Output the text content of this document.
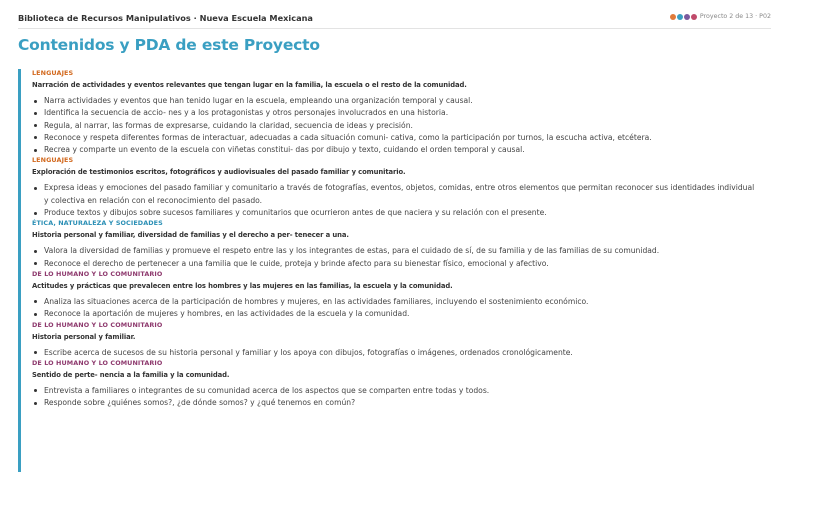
Biblioteca de Recursos Manipulativos · Nueva Escuela Mexicana	Proyecto 2 de 13 · P02
Contenidos y PDA de este Proyecto
LENGUAJES
Narración de actividades y eventos relevantes que tengan lugar en la familia, la escuela o el resto de la comunidad.
Narra actividades y eventos que han tenido lugar en la escuela, empleando una organización temporal y causal.
Identifica la secuencia de accio- nes y a los protagonistas y otros personajes involucrados en una historia.
Regula, al narrar, las formas de expresarse, cuidando la claridad, secuencia de ideas y precisión.
Reconoce y respeta diferentes formas de interactuar, adecuadas a cada situación comuni- cativa, como la participación por turnos, la escucha activa, etcétera.
Recrea y comparte un evento de la escuela con viñetas constitui- das por dibujo y texto, cuidando el orden temporal y causal.
LENGUAJES
Exploración de testimonios escritos, fotográficos y audiovisuales del pasado familiar y comunitario.
Expresa ideas y emociones del pasado familiar y comunitario a través de fotografías, eventos, objetos, comidas, entre otros elementos que permitan reconocer sus identidades individual y colectiva en relación con el reconocimiento del pasado.
Produce textos y dibujos sobre sucesos familiares y comunitarios que ocurrieron antes de que naciera y su relación con el presente.
ÉTICA, NATURALEZA Y SOCIEDADES
Historia personal y familiar, diversidad de familias y el derecho a per- tenecer a una.
Valora la diversidad de familias y promueve el respeto entre las y los integrantes de estas, para el cuidado de sí, de su familia y de las familias de su comunidad.
Reconoce el derecho de pertenecer a una familia que le cuide, proteja y brinde afecto para su bienestar físico, emocional y afectivo.
DE LO HUMANO Y LO COMUNITARIO
Actitudes y prácticas que prevalecen entre los hombres y las mujeres en las familias, la escuela y la comunidad.
Analiza las situaciones acerca de la participación de hombres y mujeres, en las actividades familiares, incluyendo el sostenimiento económico.
Reconoce la aportación de mujeres y hombres, en las actividades de la escuela y la comunidad.
DE LO HUMANO Y LO COMUNITARIO
Historia personal y familiar.
Escribe acerca de sucesos de su historia personal y familiar y los apoya con dibujos, fotografías o imágenes, ordenados cronológicamente.
DE LO HUMANO Y LO COMUNITARIO
Sentido de perte- nencia a la familia y la comunidad.
Entrevista a familiares o integrantes de su comunidad acerca de los aspectos que se comparten entre todas y todos.
Responde sobre ¿quiénes somos?, ¿de dónde somos? y ¿qué tenemos en común?
